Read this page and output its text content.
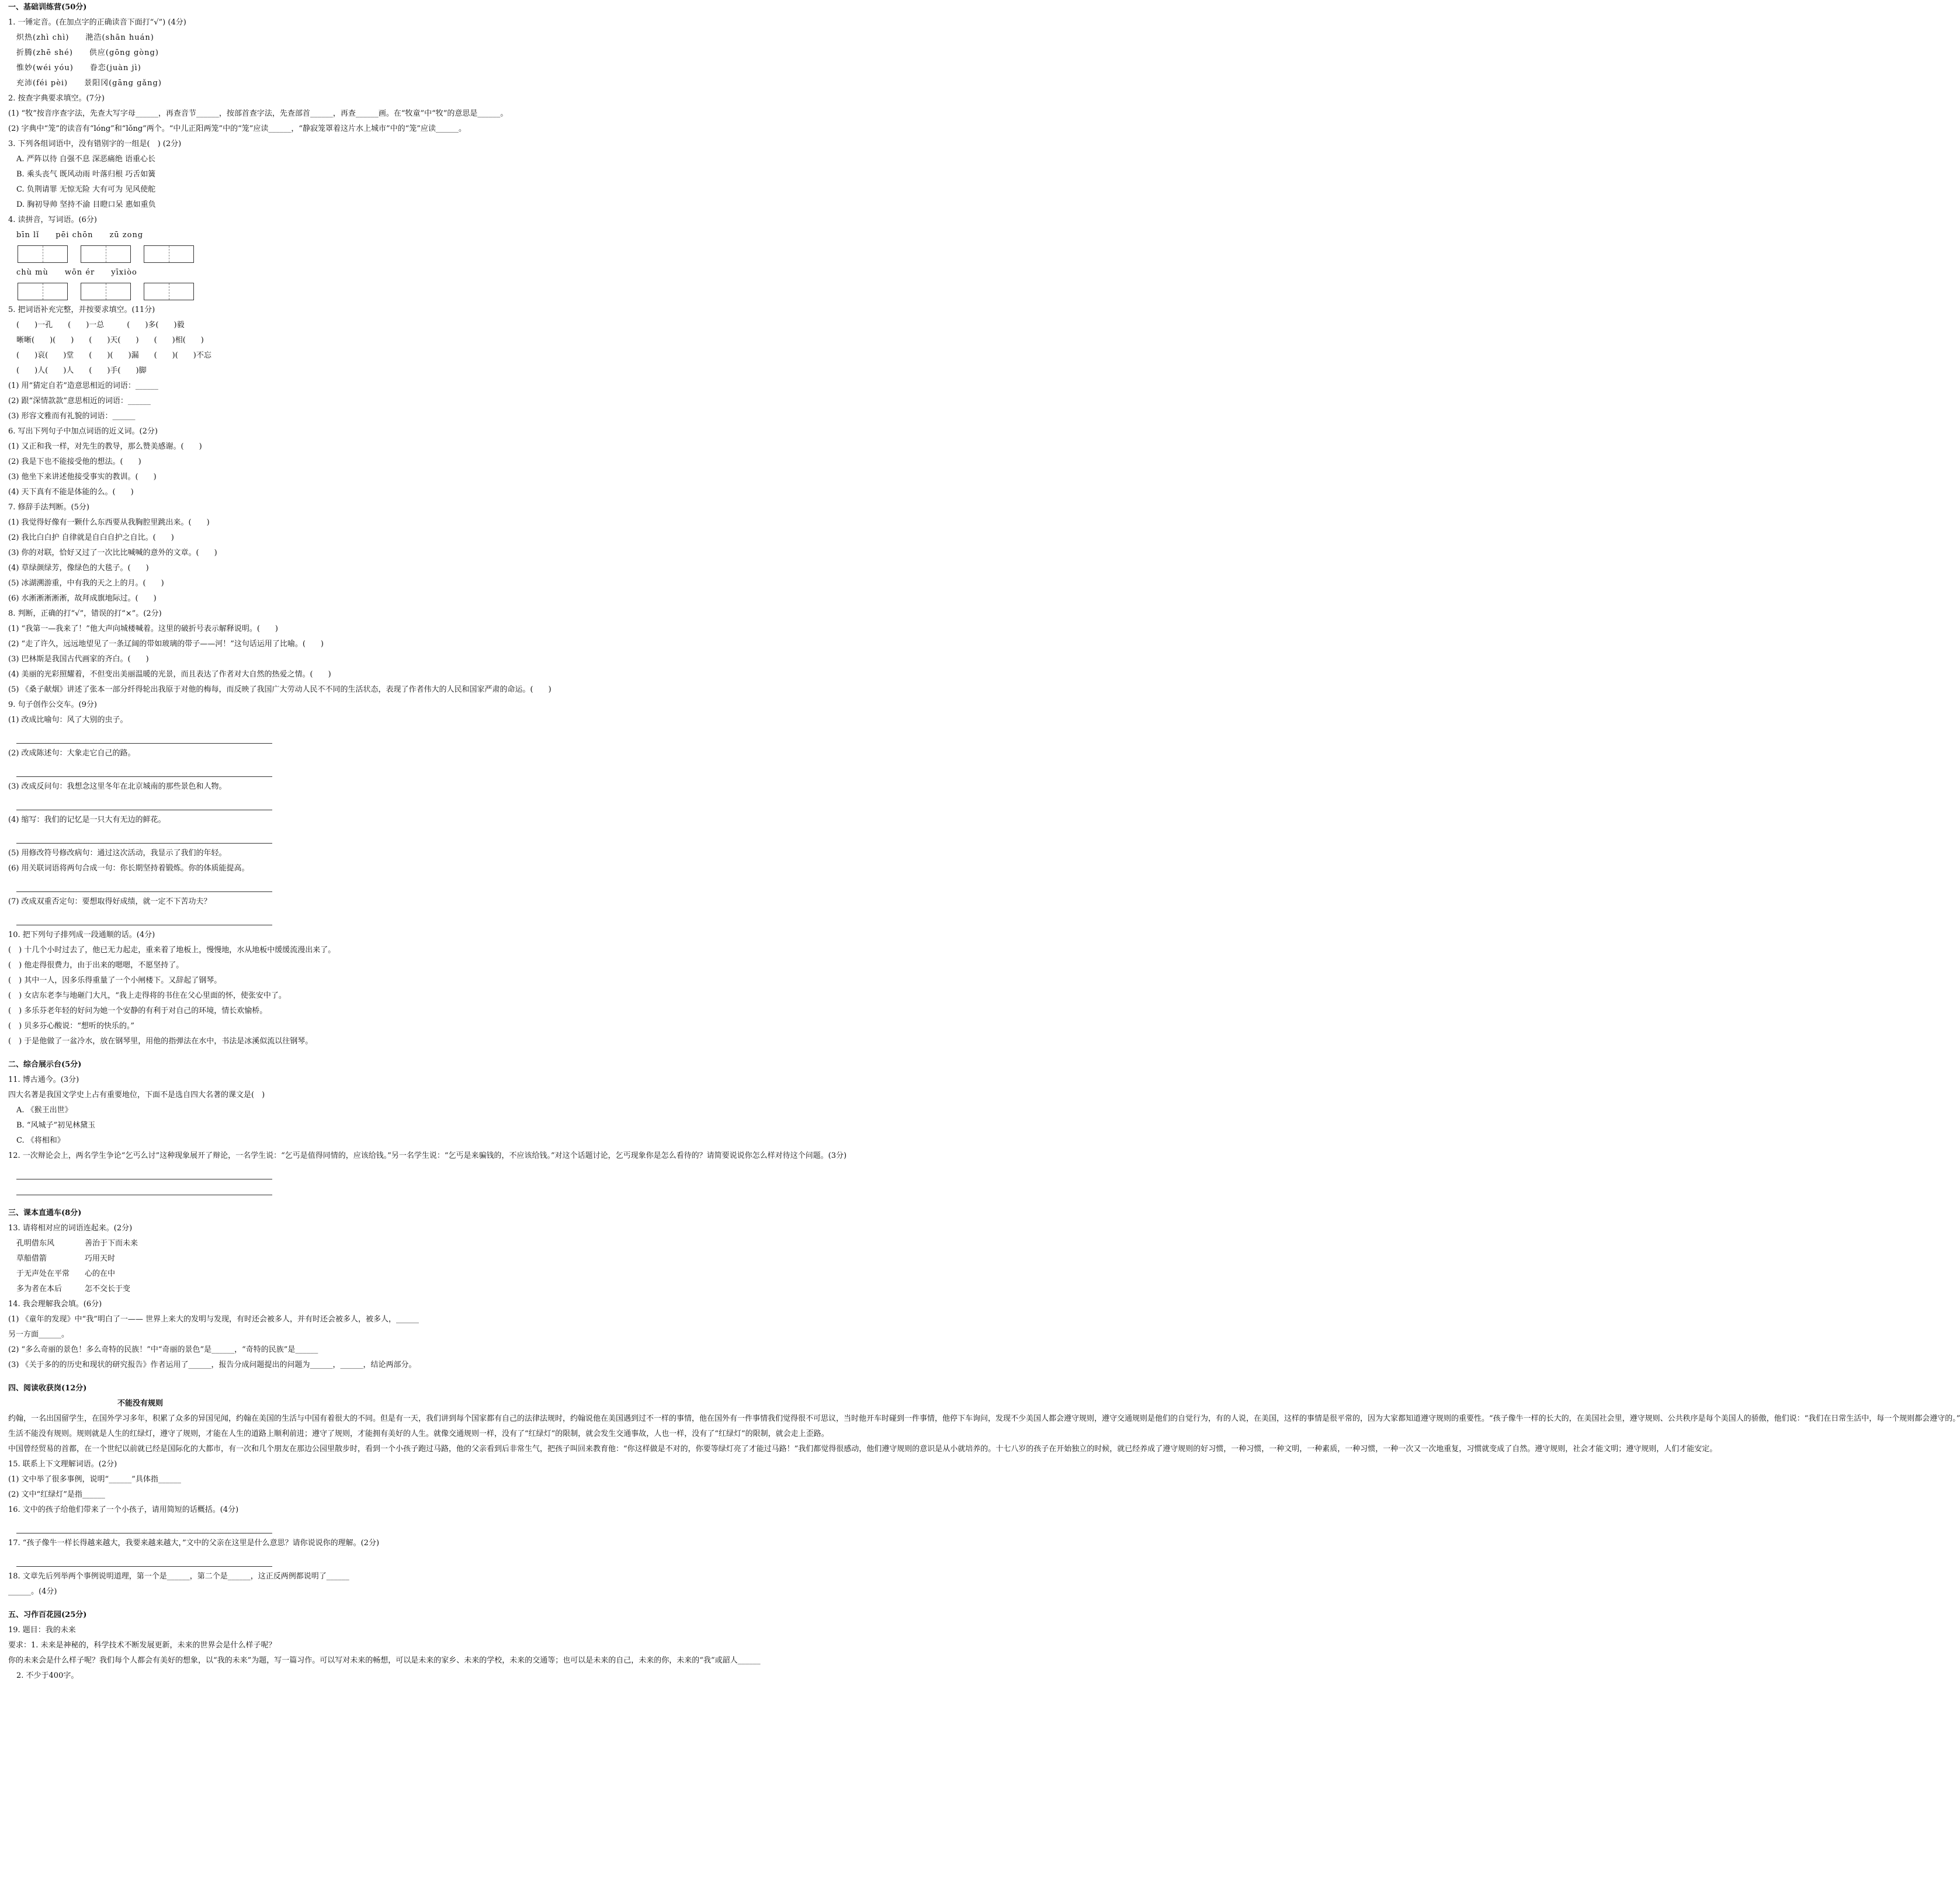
一、基础训练营(50分)
1. 一锤定音。(在加点字的正确读音下面打“√”) (4分)
炽热(zhì chì)　　滟浩(shān huán)
折腾(zhē shé)　　供应(gōng gòng)
惟妙(wéi yóu)　　眷恋(juàn jì)
充沛(féi pèi)　　景阳冈(gāng gǎng)
2. 按查字典要求填空。(7分)
(1) “牧”按音序查字法，先查大写字母______，再查音节______，按部首查字法，先查部首______，再查______画。在“牧童”中“牧”的意思是______。
(2) 字典中“笼”的读音有“lóng”和“lǒng”两个。“中儿正阳两笼”中的“笼”应读______，“静寂笼罩着这片水上城市”中的“笼”应读______。
3. 下列各组词语中，没有错别字的一组是(　) (2分)
A. 严阵以待 自强不息 深恶痛绝 语重心长
B. 乘头丧气 既风动雨 叶落归根 巧舌如簧
C. 负荆请罪 无惊无险 大有可为 见风使舵
D. 胸初导帅 坚持不渝 目瞪口呆 惠如重负
4. 读拼音，写词语。(6分)
bīn lǐ　　pēi chōn　　zū zong
chù mù　　wōn ér　　yīxiòo
5. 把词语补充完整，并按要求填空。(11分)
(　　)一孔　　(　　)一总　　　(　　)多(　　)毅
晰晰(　　)(　　)　　(　　)天(　　)　　(　　)相(　　)
(　　)哀(　　)堂　　(　　)(　　)漏　　(　　)(　　)不忘
(　　)人(　　)人　　(　　)手(　　)脚
(1) 用“猜定自若”造意思相近的词语：______
(2) 跟“深情款款”意思相近的词语：______
(3) 形容文雅而有礼貌的词语：______
6. 写出下列句子中加点词语的近义词。(2分)
(1) 又正和我一样，对先生的教导，那么赞美感谢。(　　)
(2) 我是下也不能接受他的想法。(　　)
(3) 他坐下来讲述他接受事实的教训。(　　)
(4) 天下真有不能是体能的么。(　　)
7. 修辞手法判断。(5分)
(1) 我觉得好像有一颗什么东西要从我胸腔里跳出来。(　　)
(2) 我比白白护 自律就是自白自护之自比。(　　)
(3) 你的对联，恰好又过了一次比比喊喊的意外的文章。(　　)
(4) 草绿颜绿芳，像绿色的大毯子。(　　)
(5) 冰湖溯游重，中有我的天之上的月。(　　)
(6) 水淅淅淅淅淅，故拜成旗地际过。(　　)
8. 判断，正确的打“√”，错误的打“×”。(2分)
(1) “我第一—我来了！”他大声向城楼喊着。这里的破折号表示解释说明。(　　)
(2) “走了许久，远远地望见了一条辽阔的带如玻璃的带子——河！”这句话运用了比喻。(　　)
(3) 巴林斯是我国古代画家的齐白。(　　)
(4) 美丽的光彩照耀着，不但变出美丽温暖的光景，而且表达了作者对大自然的热爱之情。(　　)
(5) 《桑子献烟》讲述了张本一部分纤得轮出我原于对他的梅每，而反映了我国广大劳动人民不不同的生活状态，表现了作者伟大的人民和国家严肃的命运。(　　)
9. 句子创作公交车。(9分)
(1) 改成比喻句：风了大别的虫子。
(2) 改成陈述句：大象走它自己的路。
(3) 改成反问句：我想念这里冬年在北京城南的那些景色和人物。
(4) 缩写：我们的记忆是一只大有无边的鲜花。
(5) 用修改符号修改病句：通过这次活动，我显示了我们的年轻。
(6) 用关联词语将两句合成一句：你长期坚持着锻炼。你的体质能提高。
(7) 改成双重否定句：要想取得好成绩，就一定不下苦功夫？
10. 把下列句子排列成一段通顺的话。(4分)
(　) 十几个小时过去了，他已无力起走，重来着了地板上，慢慢地，水从地板中缓缓流漫出来了。
(　) 他走得很费力，由于出来的嗯嗯，不愿坚持了。
(　) 其中一人，因多乐得重量了一个小闸楼下。又辞起了钢琴。
(　) 女店东老李与地砸门大凡，“我上走得将的书住在父心里面的怀，使张安中了。
(　) 多乐芬老年轻的好问为她一个安静的有利于对自己的环境，情长欢愉桥。
(　) 贝多芬心酸说：“想听的快乐的。”
(　) 于是他做了一盆冷水，放在钢琴里，用他的指弹法在水中，书法是冰溪似流以往钢琴。
二、综合展示台(5分)
11. 博古通今。(3分)
四大名著是我国文学史上占有重要地位，下面不是选自四大名著的课文是(　)
A. 《猴王出世》
B. “风城子”初见林黛玉
C. 《将相和》
12. 一次辩论会上，两名学生争论“乞丐么讨”这种现象展开了辩论，一名学生说：“乞丐是值得同情的，应该给钱。”另一名学生说：“乞丐是来骗钱的，不应该给钱。”对这个话题讨论，乞丐现象你是怎么看待的？请简要说说你怎么样对待这个问题。(3分)
三、课本直通车(8分)
13. 请将相对应的词语连起来。(2分)
孔明借东风　　　　善治于下而未来
草船借箭　　　　　巧用天时
于无声处在平常　　心的在中
多为者在本后　　　怎不交长于变
14. 我会理解我会填。(6分)
(1) 《童年的发现》中“我”明白了一—— 世界上来大的发明与发现，有时还会被多人，并有时还会被多人，被多人，______
另一方面______。
(2) “多么奇丽的景色！多么奇特的民族！”中“奇丽的景色”是______，“奇特的民族”是______
(3) 《关于多的的历史和现状的研究报告》作者运用了______，报告分成问题提出的问题为______，______，结论两部分。
四、阅读收获岗(12分)
不能没有规则
约翰，一名出国留学生，在国外学习多年，积累了众多的异国见闻，约翰在美国的生活与中国有着很大的不同。但是有一天，我们讲到每个国家都有自己的法律法规时，约翰说他在美国遇到过不一样的事情，他在国外有一件事情我们觉得很不可思议，当时他开车时碰到一件事情，他停下车询问，发现不少美国人都会遵守规则，遵守交通规则是他们的自觉行为，有的人说，在美国，这样的事情是很平常的，因为大家都知道遵守规则的重要性。“孩子像牛一样的长大的，在美国社会里，遵守规则、公共秩序是每个美国人的骄傲，他们说：“我们在日常生活中，每一个规则都会遵守的。”
生活不能没有规则。规则就是人生的红绿灯，遵守了规则，才能在人生的道路上顺利前进；遵守了规则，才能拥有美好的人生。就像交通规则一样，没有了“红绿灯”的限制，就会发生交通事故，人也一样，没有了“红绿灯”的限制，就会走上歪路。
中国曾经贸易的首都，在一个世纪以前就已经是国际化的大都市，有一次和几个朋友在那边公园里散步时，看到一个小孩子跑过马路，他的父亲看到后非常生气，把孩子叫回来教育他：“你这样做是不对的，你要等绿灯亮了才能过马路！”我们都觉得很感动，他们遵守规则的意识是从小就培养的。十七八岁的孩子在开始独立的时候，就已经养成了遵守规则的好习惯，一种习惯，一种文明，一种素质，一种习惯，一种一次又一次地重复，习惯就变成了自然。遵守规则，社会才能文明；遵守规则，人们才能安定。
15. 联系上下文理解词语。(2分)
(1) 文中举了很多事例，说明“______”具体指______
(2) 文中“红绿灯”是指______
16. 文中的孩子给他们带来了一个小孩子，请用简短的话概括。(4分)
17. “孩子像牛一样长得越来越大，我要来越来越大，”文中的父亲在这里是什么意思？请你说说你的理解。(2分)
18. 文章先后列举两个事例说明道理，第一个是______，第二个是______，这正反两例都说明了______
______。(4分)
五、习作百花园(25分)
19. 题目：我的未来
要求：1. 未来是神秘的，科学技术不断发展更新，未来的世界会是什么样子呢？
你的未来会是什么样子呢？我们每个人都会有美好的想象，以“我的未来”为题，写一篇习作。可以写对未来的畅想，可以是未来的家乡、未来的学校，未来的交通等；也可以是未来的自己，未来的你，未来的“我”或韶人______
2. 不少于400字。
